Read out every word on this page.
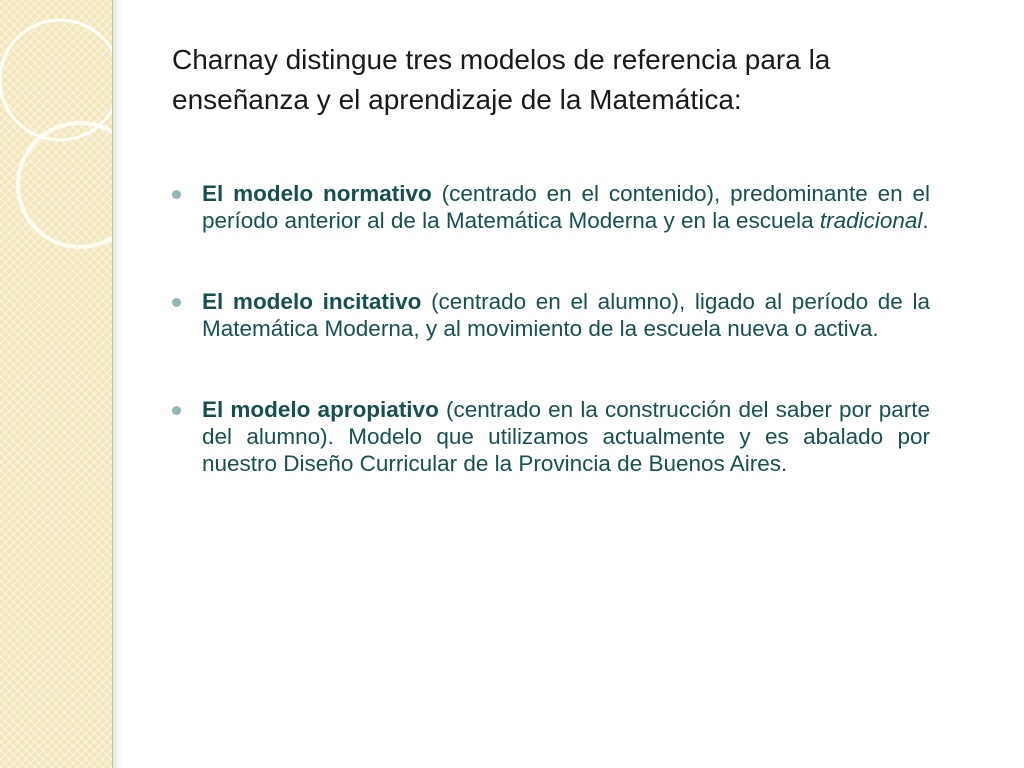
Charnay distingue tres modelos de referencia para la enseñanza y el aprendizaje de la Matemática:
El modelo normativo (centrado en el contenido), predominante en el período anterior al de la Matemática Moderna y en la escuela tradicional.
El modelo incitativo (centrado en el alumno), ligado al período de la Matemática Moderna, y al movimiento de la escuela nueva o activa.
El modelo apropiativo (centrado en la construcción del saber por parte del alumno). Modelo que utilizamos actualmente y es abalado por nuestro Diseño Curricular de la Provincia de Buenos Aires.
